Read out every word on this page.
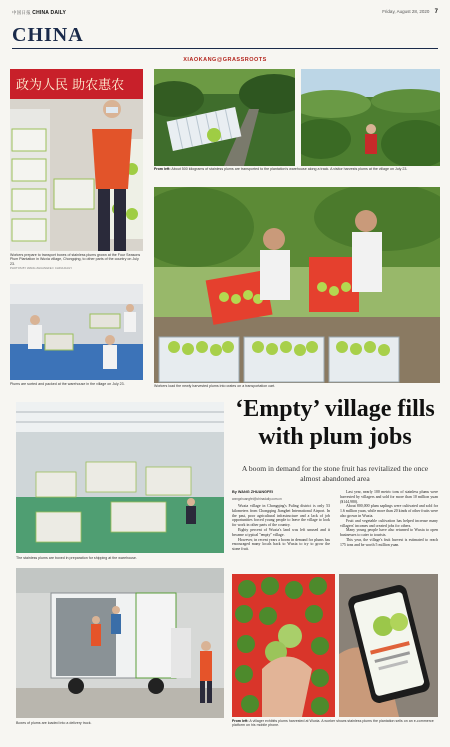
中国日报 CHINA DAILY	Friday, August 28, 2020 7
CHINA
XIAOKANG@GRASSROOTS
政为人民 助农惠农
Workers prepare to transport boxes of stainless plums grown at the Four Seasons Plum Plantation in Wuxia village, Chongqing, to other parts of the country on July 23.
PHOTOS BY WANG ZHUANGFEI / CHINA DAILY
From left: About 500 kilograms of stainless plums are transported to the plantation's warehouse along a track. A visitor harvests plums at the village on July 23.
Plums are sorted and packed at the warehouse in the village on July 23.	Workers load the newly harvested plums into crates on a transportation cart.
The stainless plums are boxed in preparation for shipping at the warehouse.
Boxes of plums are loaded into a delivery truck.
‘Empty’ village fills
with plum jobs
A boom in demand for the stone fruit has revitalized the once almost abandoned area
By WANG ZHUANGFEI
wangzhuangfei@chinadaily.com.cn

Wuxia village in Chongqing's Fuling district is only 53 kilometers from Chongqing Jiangbei International Airport. In the past, poor agricultural infrastructure and a lack of job opportunities forced young people to leave the village to look for work in other parts of the country.

Eighty percent of Wuxia's land was left unused and it became a typical "empty" village.

However, in recent years a boom in demand for plums has encouraged many locals back to Wuxia to try to grow the stone fruit.

Last year, nearly 100 metric tons of stainless plums were harvested by villagers and sold for more than 10 million yuan ($144,980).

About 800,000 plum saplings were cultivated and sold for 1.6 million yuan, while more than 20 kinds of other fruits were also grown in Wuxia.

Fruit and vegetable cultivation has helped increase many villagers' incomes and created jobs for others.

Many young people have also returned to Wuxia to open businesses to cater to tourists.

This year, the village's fruit harvest is estimated to reach 175 tons and be worth 5 million yuan.

From left: A villager exhibits plums harvested at Wuxia. A worker shows stainless plums the plantation sells on an e-commerce platform on his mobile phone.
